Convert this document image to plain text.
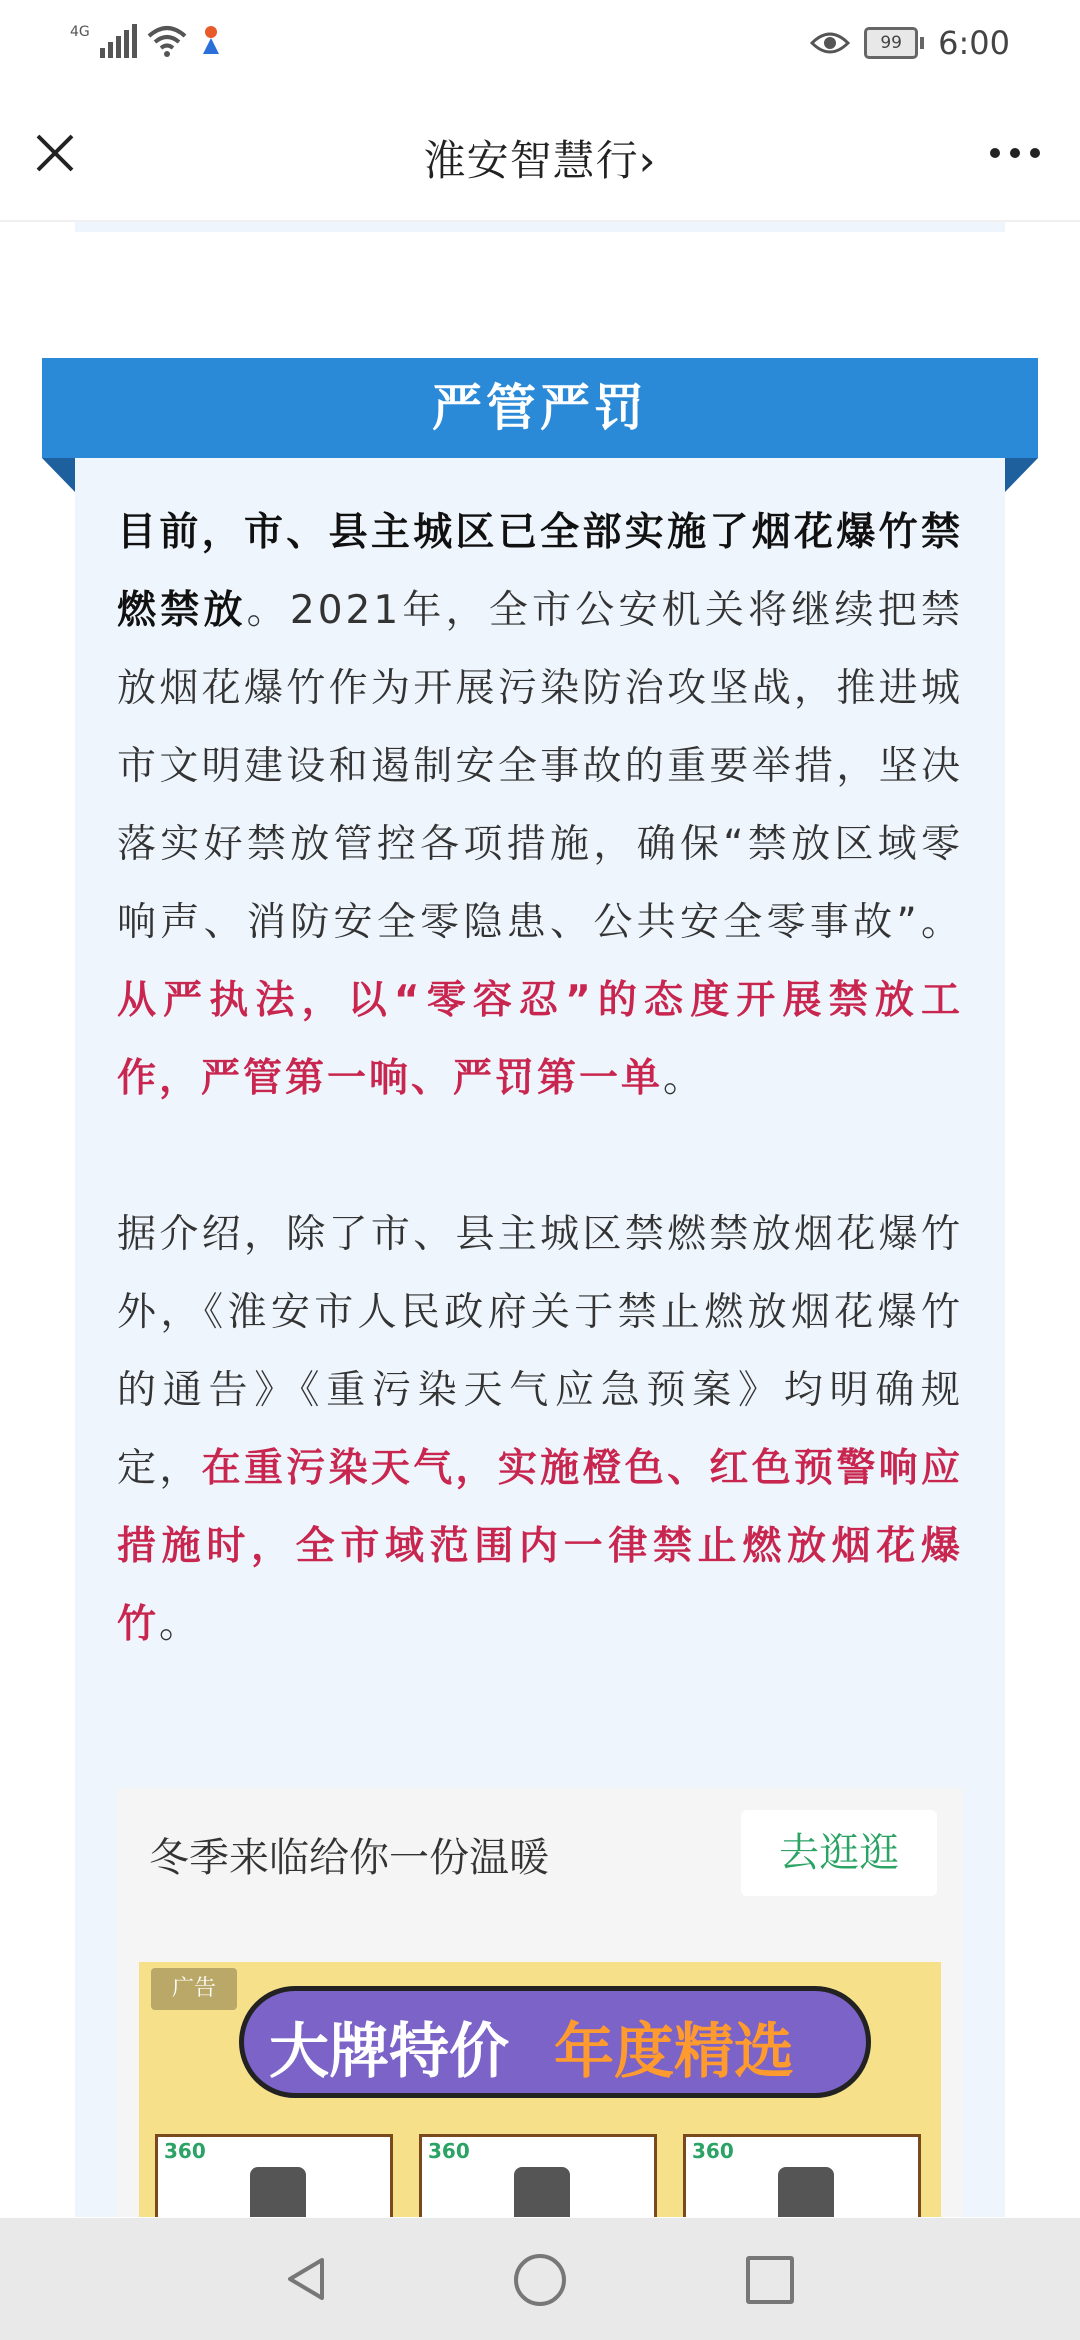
4G
99	6:00
淮安智慧行›
严管严罚

目前，市、县主城区已全部实施了烟花爆竹禁燃禁放。2021年，全市公安机关将继续把禁放烟花爆竹作为开展污染防治攻坚战，推进城市文明建设和遏制安全事故的重要举措，坚决落实好禁放管控各项措施，确保“禁放区域零响声、消防安全零隐患、公共安全零事故”。从严执法，以“零容忍”的态度开展禁放工作，严管第一响、严罚第一单。

据介绍，除了市、县主城区禁燃禁放烟花爆竹外，《淮安市人民政府关于禁止燃放烟花爆竹的通告》《重污染天气应急预案》均明确规定，在重污染天气，实施橙色、红色预警响应措施时，全市域范围内一律禁止燃放烟花爆竹。

冬季来临给你一份温暖	去逛逛
广告
大牌特价 年度精选
360	360	360
